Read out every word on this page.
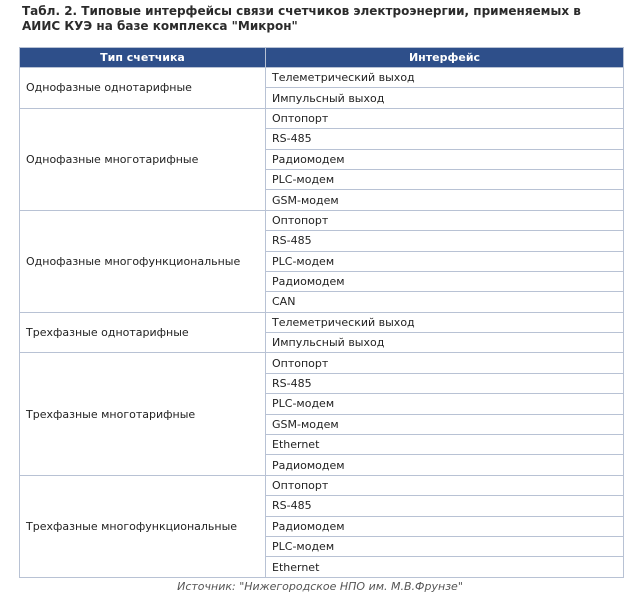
Табл. 2. Типовые интерфейсы связи счетчиков электроэнергии, применяемых в АИИС КУЭ на базе комплекса "Микрон"
Тип счетчика	Интерфейс
Однофазные однотарифные	Телеметрический выход
	Импульсный выход
Однофазные многотарифные	Оптопорт
	RS-485
	Радиомодем
	PLC-модем
	GSM-модем
Однофазные многофункциональные	Оптопорт
	RS-485
	PLC-модем
	Радиомодем
	CAN
Трехфазные однотарифные	Телеметрический выход
	Импульсный выход
Трехфазные многотарифные	Оптопорт
	RS-485
	PLC-модем
	GSM-модем
	Ethernet
	Радиомодем
Трехфазные многофункциональные	Оптопорт
	RS-485
	Радиомодем
	PLC-модем
	Ethernet
Источник: "Нижегородское НПО им. М.В.Фрунзе"
